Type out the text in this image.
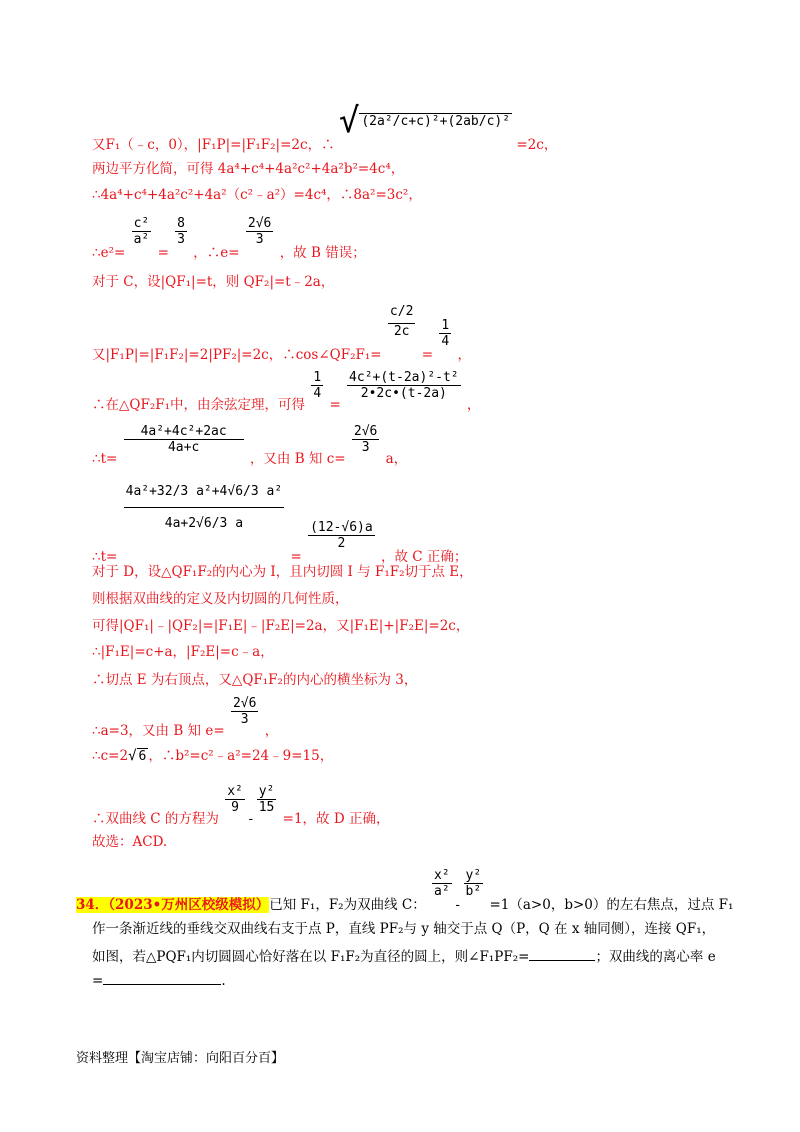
又F₁（﹣c，0），|F₁P|=|F₁F₂|=2c，∴ √ (2a²/c+c)²+(2ab/c)² =2c，
两边平方化简，可得 4a⁴+c⁴+4a²c²+4a²b²=4c⁴，
∴4a⁴+c⁴+4a²c²+4a²（c²﹣a²）=4c⁴，∴8a²=3c²，
∴e²=
$\frac{\text{c²}}{\text{a²}}$
=
$\frac{8}{3}$
，∴e=
$\frac{2√6}{3}$
，故 B 错误；
对于 C，设|QF₁|=t，则 QF₂|=t﹣2a，
又|F₁P|=|F₁F₂|=2|PF₂|=2c，∴cos∠QF₂F₁=
$\frac{c/2}{2c}$
=
$\frac{1}{4}$
，
∴在△QF₂F₁中，由余弦定理，可得
$\frac{1}{4}$
=
$\frac{\text{4c²+(t-2a)²-t²}}{2•2c•(t-2a)}$
，
∴t=
$\frac{\text{4a²+4c²+2ac}}{4a+c}$
，又由 B 知 c=
$\frac{2√6}{3}$
a，
∴t=
$\frac{\text{4a²+32/3 a²+4√6/3 a²}}{4a+2√6/3 a}$
=
$\frac{(12-√6)a}{2}$
，故 C 正确；
对于 D，设△QF₁F₂的内心为 I，且内切圆 I 与 F₁F₂切于点 E，
则根据双曲线的定义及内切圆的几何性质，
可得|QF₁|﹣|QF₂|=|F₁E|﹣|F₂E|=2a，又|F₁E|+|F₂E|=2c，
∴|F₁E|=c+a，|F₂E|=c﹣a，
∴切点 E 为右顶点，又△QF₁F₂的内心的横坐标为 3，
∴a=3，又由 B 知 e=
$\frac{2√6}{3}$
，
∴c=2√ 6 ，∴b²=c²﹣a²=24﹣9=15，
∴双曲线 C 的方程为
$\frac{\text{x²}}{9}$
-
$\frac{\text{y²}}{15}$
=1，故 D 正确，
故选：ACD.
34．（2023•万州区校级模拟）已知 F₁，F₂为双曲线 C：
$\frac{\text{x²}}{\text{a²}}$
-
$\frac{\text{y²}}{\text{b²}}$
=1（a>0，b>0）的左右焦点，过点 F₁
作一条渐近线的垂线交双曲线右支于点 P，直线 PF₂与 y 轴交于点 Q（P，Q 在 x 轴同侧），连接 QF₁，
如图，若△PQF₁内切圆圆心恰好落在以 F₁F₂为直径的圆上，则∠F₁PF₂=	；双曲线的离心率 e
=	.
资料整理【淘宝店铺：向阳百分百】
